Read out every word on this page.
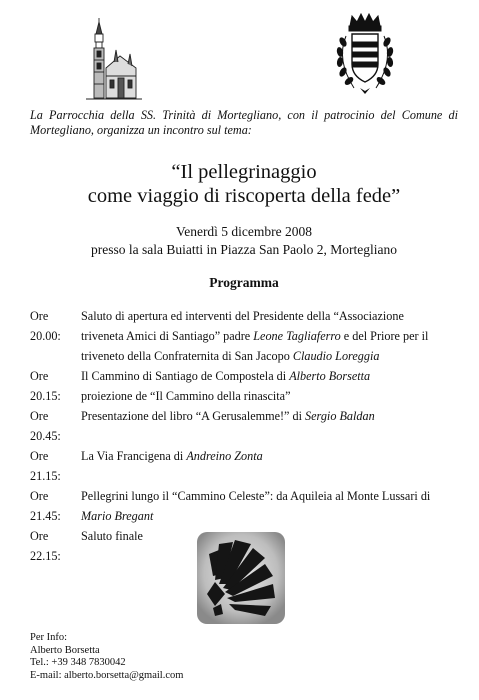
La Parrocchia della SS. Trinità di Mortegliano, con il patrocinio del Comune di Mortegliano, organizza un incontro sul tema:
“Il pellegrinaggio
come viaggio di riscoperta della fede”
Venerdì 5 dicembre 2008
presso la sala Buiatti in Piazza San Paolo 2, Mortegliano
Programma
Ore 20.00:
Saluto di apertura ed interventi del Presidente della “Associazione
triveneta Amici di Santiago” padre Leone Tagliaferro e del Priore per il
triveneto della Confraternita di San Jacopo Claudio Loreggia
Ore 20.15:
Il Cammino di Santiago de Compostela di Alberto Borsetta
proiezione de “Il Cammino della rinascita”
Ore 20.45:
Presentazione del libro “A Gerusalemme!” di Sergio Baldan
Ore 21.15:
La Via Francigena di Andreino Zonta
Ore 21.45:
Pellegrini lungo il “Cammino Celeste”: da Aquileia al Monte Lussari di
Mario Bregant
Ore 22.15:
Saluto finale
Per Info:
Alberto Borsetta
Tel.: +39 348 7830042
E-mail: alberto.borsetta@gmail.com
